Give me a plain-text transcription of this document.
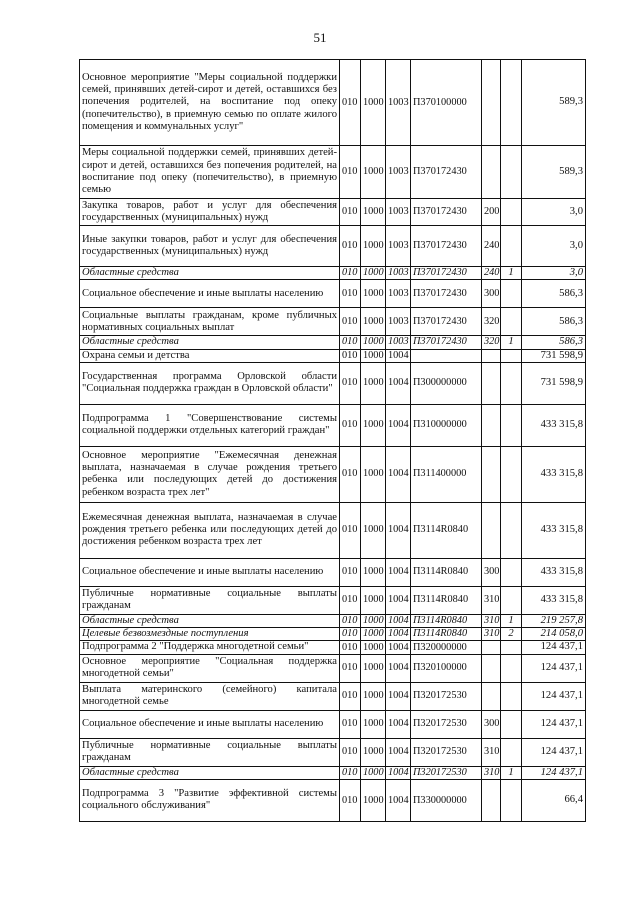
51
Основное мероприятие "Меры социальной поддержки семей, принявших детей-сирот и детей, оставшихся без попечения родителей, на воспитание под опеку (попечительство), в приемную семью по оплате жилого помещения и коммунальных услуг"	010	1000	1003	П370100000			589,3
Меры социальной поддержки семей, принявших детей-сирот и детей, оставшихся без попечения родителей, на воспитание под опеку (попечительство), в приемную семью	010	1000	1003	П370172430			589,3
Закупка товаров, работ и услуг для обеспечения государственных (муниципальных) нужд	010	1000	1003	П370172430	200		3,0
Иные закупки товаров, работ и услуг для обеспечения государственных (муниципальных) нужд	010	1000	1003	П370172430	240		3,0
Областные средства	010	1000	1003	П370172430	240	1	3,0
Социальное обеспечение и иные выплаты населению	010	1000	1003	П370172430	300		586,3
Социальные выплаты гражданам, кроме публичных нормативных социальных выплат	010	1000	1003	П370172430	320		586,3
Областные средства	010	1000	1003	П370172430	320	1	586,3
Охрана семьи и детства	010	1000	1004				731 598,9
Государственная программа Орловской области "Социальная поддержка граждан в Орловской области"	010	1000	1004	П300000000			731 598,9
Подпрограмма 1 "Совершенствование системы социальной поддержки отдельных категорий граждан"	010	1000	1004	П310000000			433 315,8
Основное мероприятие "Ежемесячная денежная выплата, назначаемая в случае рождения третьего ребенка или последующих детей до достижения ребенком возраста трех лет"	010	1000	1004	П311400000			433 315,8
Ежемесячная денежная выплата, назначаемая в случае рождения третьего ребенка или последующих детей до достижения ребенком возраста трех лет	010	1000	1004	П3114R0840			433 315,8
Социальное обеспечение и иные выплаты населению	010	1000	1004	П3114R0840	300		433 315,8
Публичные нормативные социальные выплаты гражданам	010	1000	1004	П3114R0840	310		433 315,8
Областные средства	010	1000	1004	П3114R0840	310	1	219 257,8
Целевые безвозмездные поступления	010	1000	1004	П3114R0840	310	2	214 058,0
Подпрограмма 2 "Поддержка многодетной семьи"	010	1000	1004	П320000000			124 437,1
Основное мероприятие "Социальная поддержка многодетной семьи"	010	1000	1004	П320100000			124 437,1
Выплата материнского (семейного) капитала многодетной семье	010	1000	1004	П320172530			124 437,1
Социальное обеспечение и иные выплаты населению	010	1000	1004	П320172530	300		124 437,1
Публичные нормативные социальные выплаты гражданам	010	1000	1004	П320172530	310		124 437,1
Областные средства	010	1000	1004	П320172530	310	1	124 437,1
Подпрограмма 3 "Развитие эффективной системы социального обслуживания"	010	1000	1004	П330000000			66,4
